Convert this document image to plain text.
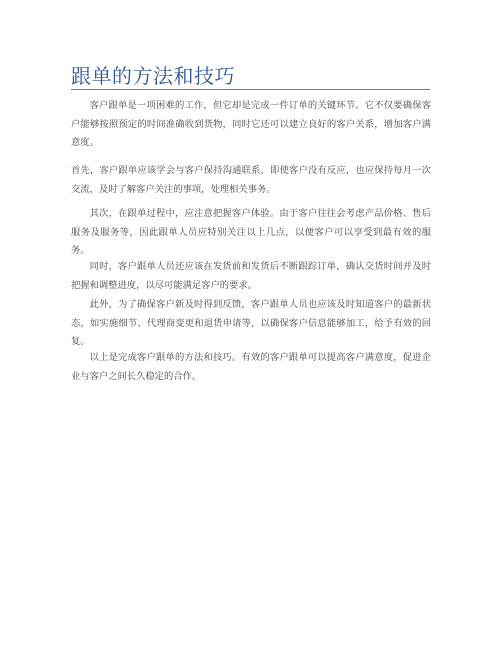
跟单的方法和技巧

客户跟单是一项困难的工作，但它却是完成一件订单的关键环节。它不仅要确保客户能够按照预定的时间准确收到货物，同时它还可以建立良好的客户关系，增加客户满意度。

首先，客户跟单应该学会与客户保持沟通联系，即使客户没有反应，也应保持每月一次交流，及时了解客户关注的事项，处理相关事务。

其次，在跟单过程中，应注意把握客户体验。由于客户往往会考虑产品价格、售后服务及服务等，因此跟单人员应特别关注以上几点，以便客户可以享受到最有效的服务。

同时，客户跟单人员还应该在发货前和发货后不断跟踪订单，确认交货时间并及时把握和调整进度，以尽可能满足客户的要求。

此外，为了确保客户新及时得到反馈，客户跟单人员也应该及时知道客户的最新状态，如实施细节、代理商变更和退货申请等，以确保客户信息能够加工，给予有效的回复。

以上是完成客户跟单的方法和技巧。有效的客户跟单可以提高客户满意度，促进企业与客户之间长久稳定的合作。
